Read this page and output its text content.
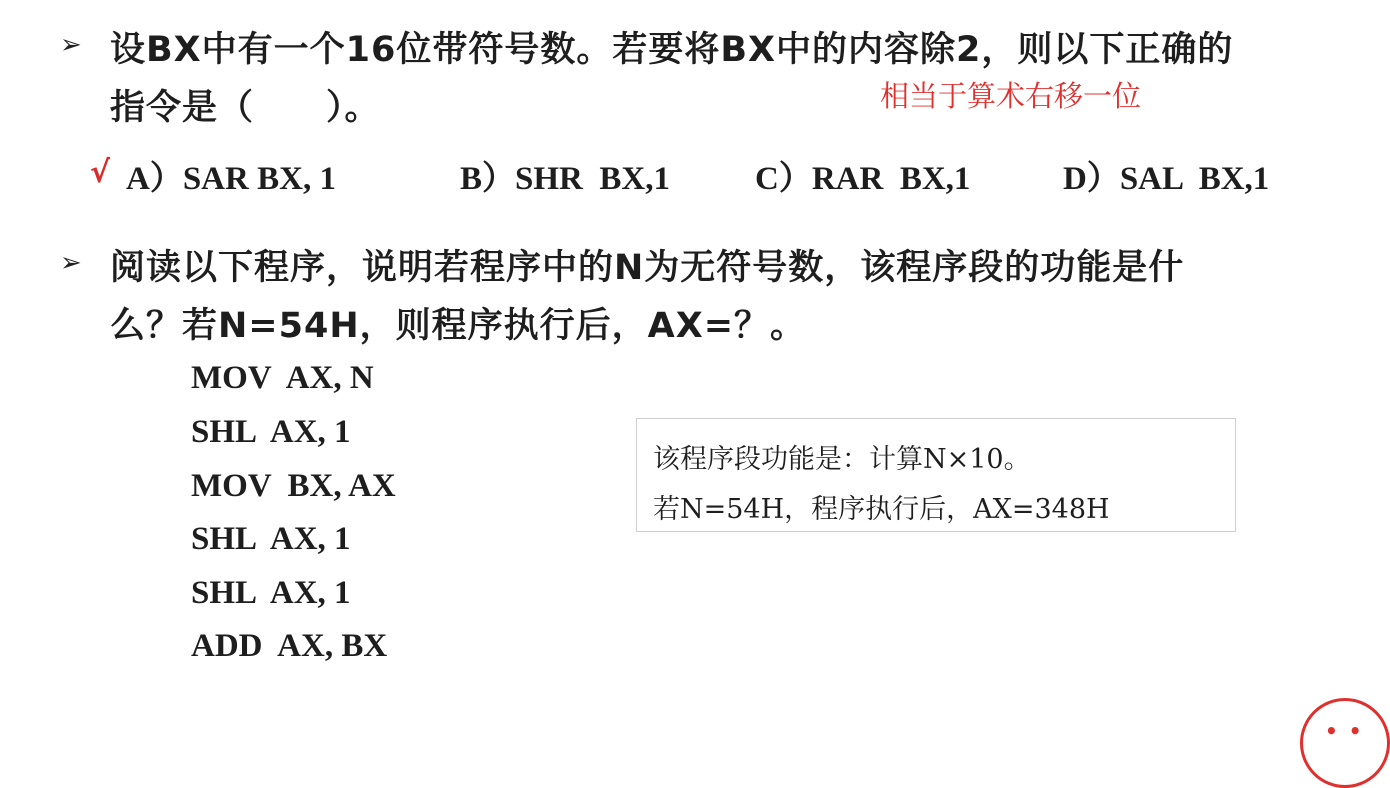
➢ 设BX中有一个16位带符号数。若要将BX中的内容除2，则以下正确的
指令是（　　）。	相当于算术右移一位
√ A）SAR BX, 1	B）SHR  BX,1	C）RAR  BX,1	D）SAL  BX,1
➢ 阅读以下程序，说明若程序中的N为无符号数，该程序段的功能是什
么？若N=54H，则程序执行后，AX=？。
MOV  AX, N
SHL  AX, 1
MOV  BX, AX
SHL  AX, 1
SHL  AX, 1
ADD  AX, BX
该程序段功能是：计算N×10。
若N=54H，程序执行后，AX=348H
• •
